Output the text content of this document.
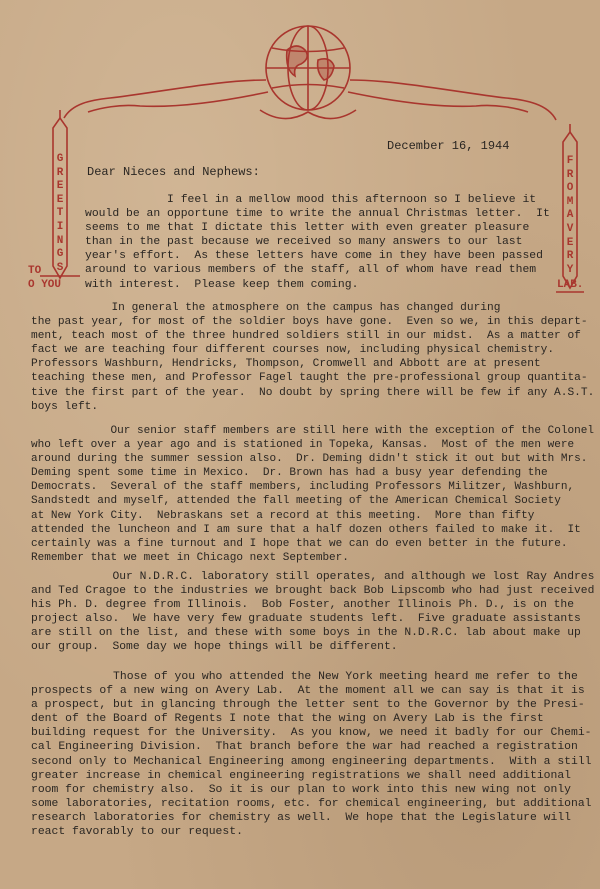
G
R
E
E
T
I
N
G
S
TO
O YOU
F
R
O
M
A
V
E
R
Y
LAB.
December 16, 1944
Dear Nieces and Nephews:
I feel in a mellow mood this afternoon so I believe it
would be an opportune time to write the annual Christmas letter.  It
seems to me that I dictate this letter with even greater pleasure
than in the past because we received so many answers to our last
year's effort.  As these letters have come in they have been passed
around to various members of the staff, all of whom have read them
with interest.  Please keep them coming.
In general the atmosphere on the campus has changed during
the past year, for most of the soldier boys have gone.  Even so we, in this depart-
ment, teach most of the three hundred soldiers still in our midst.  As a matter of
fact we are teaching four different courses now, including physical chemistry.
Professors Washburn, Hendricks, Thompson, Cromwell and Abbott are at present
teaching these men, and Professor Fagel taught the pre-professional group quantita-
tive the first part of the year.  No doubt by spring there will be few if any A.S.T.
boys left.
Our senior staff members are still here with the exception of the Colonel
who left over a year ago and is stationed in Topeka, Kansas.  Most of the men were
around during the summer session also.  Dr. Deming didn't stick it out but with Mrs.
Deming spent some time in Mexico.  Dr. Brown has had a busy year defending the
Democrats.  Several of the staff members, including Professors Militzer, Washburn,
Sandstedt and myself, attended the fall meeting of the American Chemical Society
at New York City.  Nebraskans set a record at this meeting.  More than fifty
attended the luncheon and I am sure that a half dozen others failed to make it.  It
certainly was a fine turnout and I hope that we can do even better in the future.
Remember that we meet in Chicago next September.
Our N.D.R.C. laboratory still operates, and although we lost Ray Andres
and Ted Cragoe to the industries we brought back Bob Lipscomb who had just received
his Ph. D. degree from Illinois.  Bob Foster, another Illinois Ph. D., is on the
project also.  We have very few graduate students left.  Five graduate assistants
are still on the list, and these with some boys in the N.D.R.C. lab about make up
our group.  Some day we hope things will be different.
Those of you who attended the New York meeting heard me refer to the
prospects of a new wing on Avery Lab.  At the moment all we can say is that it is
a prospect, but in glancing through the letter sent to the Governor by the Presi-
dent of the Board of Regents I note that the wing on Avery Lab is the first
building request for the University.  As you know, we need it badly for our Chemi-
cal Engineering Division.  That branch before the war had reached a registration
second only to Mechanical Engineering among engineering departments.  With a still
greater increase in chemical engineering registrations we shall need additional
room for chemistry also.  So it is our plan to work into this new wing not only
some laboratories, recitation rooms, etc. for chemical engineering, but additional
research laboratories for chemistry as well.  We hope that the Legislature will
react favorably to our request.
